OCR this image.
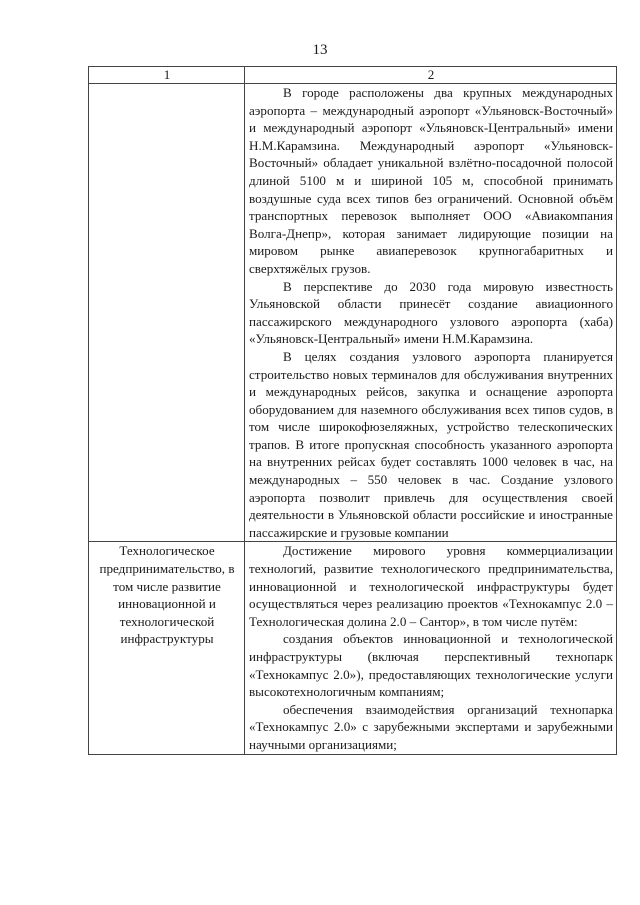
13
1	2

	В городе расположены два крупных международных аэропорта – международный аэропорт «Ульяновск-Восточный» и международный аэропорт «Ульяновск-Центральный» имени Н.М.Карамзина. Международный аэропорт «Ульяновск-Восточный» обладает уникальной взлётно-посадочной полосой длиной 5100 м и шириной 105 м, способной принимать воздушные суда всех типов без ограничений. Основной объём транспортных перевозок выполняет ООО «Авиакомпания Волга-Днепр», которая занимает лидирующие позиции на мировом рынке авиаперевозок крупногабаритных и сверхтяжёлых грузов.

В перспективе до 2030 года мировую известность Ульяновской области принесёт создание авиационного пассажирского международного узлового аэропорта (хаба) «Ульяновск-Центральный» имени Н.М.Карамзина.

В целях создания узлового аэропорта планируется строительство новых терминалов для обслуживания внутренних и международных рейсов, закупка и оснащение аэропорта оборудованием для наземного обслуживания всех типов судов, в том числе широкофюзеляжных, устройство телескопических трапов. В итоге пропускная способность указанного аэропорта на внутренних рейсах будет составлять 1000 человек в час, на международных – 550 человек в час. Создание узлового аэропорта позволит привлечь для осуществления своей деятельности в Ульяновской области российские и иностранные пассажирские и грузовые компании

Технологическое предпринимательство, в том числе развитие инновационной и технологической инфраструктуры	Достижение мирового уровня коммерциализации технологий, развитие технологического предпринимательства, инновационной и технологической инфраструктуры будет осуществляться через реализацию проектов «Технокампус 2.0 – Технологическая долина 2.0 – Сантор», в том числе путём:

создания объектов инновационной и технологической инфраструктуры (включая перспективный технопарк «Технокампус 2.0»), предоставляющих технологические услуги высокотехнологичным компаниям;

обеспечения взаимодействия организаций технопарка «Технокампус 2.0» с зарубежными экспертами и зарубежными научными организациями;
